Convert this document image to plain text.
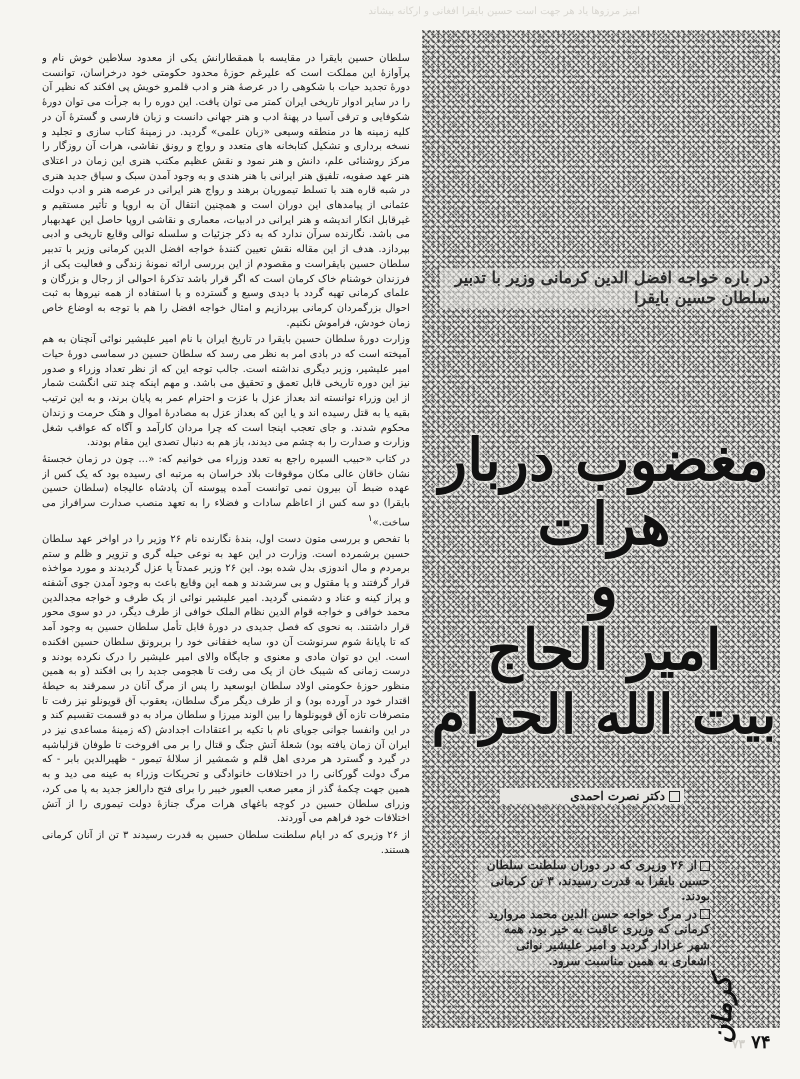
آمیز مرزوها یاد هر جهت است حسین بایقرا افغانی و ارکانه بیشاند

سلطان حسین بایقرا در مقایسه با همقطارانش یکی از معدود سلاطین خوش نام و پرآوازهٔ این مملکت است که علیرغم حوزهٔ محدود حکومتی خود درخراسان، توانست دورهٔ تجدید حیات با شکوهی را در عرصهٔ هنر و ادب قلمرو خویش پی افکند که نظیر آن را در سایر ادوار تاریخی ایران کمتر می توان یافت. این دوره را به جرأت می توان دورهٔ شکوفایی و ترقی آسیا در پهنهٔ ادب و هنر جهانی دانست و زبان فارسی و گسترهٔ آن در کلیه زمینه ها در منطقه وسیعی «زبان علمی» گردید. در زمینهٔ کتاب سازی و تجلید و نسخه برداری و تشکیل کتابخانه های متعدد و رواج و رونق نقاشی، هرات آن روزگار را مرکز روشنائی علم، دانش و هنر نمود و نقش عظیم مکتب هنری این زمان در اعتلای هنر عهد صفویه، تلفیق هنر ایرانی با هنر هندی و به وجود آمدن سبک و سیاق جدید هنری در شبه قاره هند با تسلط تیموریان برهند و رواج هنر ایرانی در عرصه هنر و ادب دولت عثمانی از پیامدهای این دوران است و همچنین انتقال آن به اروپا و تأثیر مستقیم و غیرقابل انکار اندیشه و هنر ایرانی در ادبیات، معماری و نقاشی اروپا حاصل این عهدبهبار می باشد. نگارنده سرآن ندارد که به ذکر جزئیات و سلسله توالی وقایع تاریخی و ادبی بپردازد. هدف از این مقاله نقش تعیین کنندهٔ خواجه افضل الدین کرمانی وزیر با تدبیر سلطان حسین بایقراست و مقصودم از این بررسی ارائه نمونهٔ زندگی و فعالیت یکی از فرزندان خوشنام خاک کرمان است که اگر قرار باشد تذکرهٔ احوالی از رجال و بزرگان و علمای کرمانی تهیه گردد با دیدی وسیع و گسترده و با استفاده از همه نیروها به ثبت احوال بزرگمردان کرمانی بپردازیم و امثال خواجه افضل را هم با توجه به اوضاع خاص زمان خودش، فراموش نکنیم.

وزارت دورهٔ سلطان حسین بایقرا در تاریخ ایران با نام امیر علیشیر نوائی آنچنان به هم آمیخته است که در بادی امر به نظر می رسد که سلطان حسین در سماسی دورهٔ حیات امیر علیشیر، وزیر دیگری نداشته است. جالب توجه این که از نظر تعداد وزراء و صدور نیز این دوره تاریخی قابل تعمق و تحقیق می باشد. و مهم اینکه چند تنی انگشت شمار از این وزراء توانسته اند بعداز عزل با عزت و احترام عمر به پایان برند، و به این ترتیب بقیه یا به قتل رسیده اند و یا این که بعداز عزل به مصادرهٔ اموال و هتک حرمت و زندان محکوم شدند. و جای تعجب اینجا است که چرا مردان کارآمد و آگاه که عواقب شغل وزارت و صدارت را به چشم می دیدند، باز هم به دنبال تصدی این مقام بودند.

در کتاب «حبیب السیره راجع به تعدد وزراء می خوانیم که: «... چون در زمان خجستهٔ نشان خاقان عالی مکان موقوفات بلاد خراسان به مرتبه ای رسیده بود که یک کس از عهده ضبط آن بیرون نمی توانست آمده پیوسته آن پادشاه عالیجاه (سلطان حسین بایقرا) دو سه کس از اعاظم سادات و فضلاء را به تعهد منصب صدارت سرافراز می ساخت.»۱

با تفحص و بررسی متون دست اول، بندهٔ نگارنده نام ۲۶ وزیر را در اواخر عهد سلطان حسین برشمرده است. وزارت در این عهد به نوعی حیله گری و تزویر و ظلم و ستم برمردم و مال اندوزی بدل شده بود. این ۲۶ وزیر عمدتاً یا عزل گردیدند و مورد مواخذه قرار گرفتند و یا مقتول و بی سرشدند و همه این وقایع باعث به وجود آمدن جوی آشفته و پراز کینه و عناد و دشمنی گردید. امیر علیشیر نوائی از یک طرف و خواجه مجدالدین محمد خوافی و خواجه قوام الدین نظام الملک خوافی از طرف دیگر، در دو سوی محور قرار داشتند. به نحوی که فصل جدیدی در دورهٔ قابل تأمل سلطان حسین به وجود آمد که تا پایانهٔ شوم سرنوشت آن دو، سایه خفقانی خود را بربرونق سلطان حسین افکنده است. این دو توان مادی و معنوی و جایگاه والای امیر علیشیر را درک نکرده بودند و درست زمانی که شیبک خان از یک می رفت تا هجومی جدید را بی افکند (و به همین منظور حوزهٔ حکومتی اولاد سلطان ابوسعید را پس از مرگ آنان در سمرقند به حیطهٔ اقتدار خود در آورده بود) و از طرف دیگر مرگ سلطان، یعقوب آق قویونلو نیز رفت تا متصرفات تازه آق قویونلوها را بین الوند میرزا و سلطان مراد به دو قسمت تقسیم کند و در این وانفسا جوانی جویای نام با تکیه بر اعتقادات اجدادش (که زمینهٔ مساعدی نیز در ایران آن زمان یافته بود) شعلهٔ آتش جنگ و قتال را بر می افروخت تا طوفان قزلباشیه در گیرد و گسترد هر مردی اهل قلم و شمشیر از سلالهٔ تیمور - ظهیرالدین بابر - که مرگ دولت گورکانی را در اختلافات خانوادگی و تحریکات وزراء به عینه می دید و به همین جهت چکمهٔ گذر از معبر صعب العبور خیبر را برای فتح دارالعز جدید به پا می کرد، وزرای سلطان حسین در کوچه باغهای هرات مرگ جنازهٔ دولت تیموری را از آتش اختلافات خود فراهم می آوردند.

از ۲۶ وزیری که در ایام سلطنت سلطان حسین به قدرت رسیدند ۳ تن از آنان کرمانی هستند.

در باره خواجه افضل الدین کرمانی وزیر با تدبیر سلطان حسین بایقرا
مغضوب دربار
هرات
و
امیر الحاج
بیت الله الحرام
دکتر نصرت احمدی

از ۲۶ وزیری که در دوران سلطنت سلطان حسین بایقرا به قدرت رسیدند، ۳ تن کرمانی بودند.

در مرگ خواجه حسن الدین محمد مروارید کرمانی که وزیری عاقبت به خیر بود، همه شهر عزادار گردید و امیر علیشیر نوائی اشعاری به همین مناسبت سرود.

کرمان
۷۳ ۷۴
